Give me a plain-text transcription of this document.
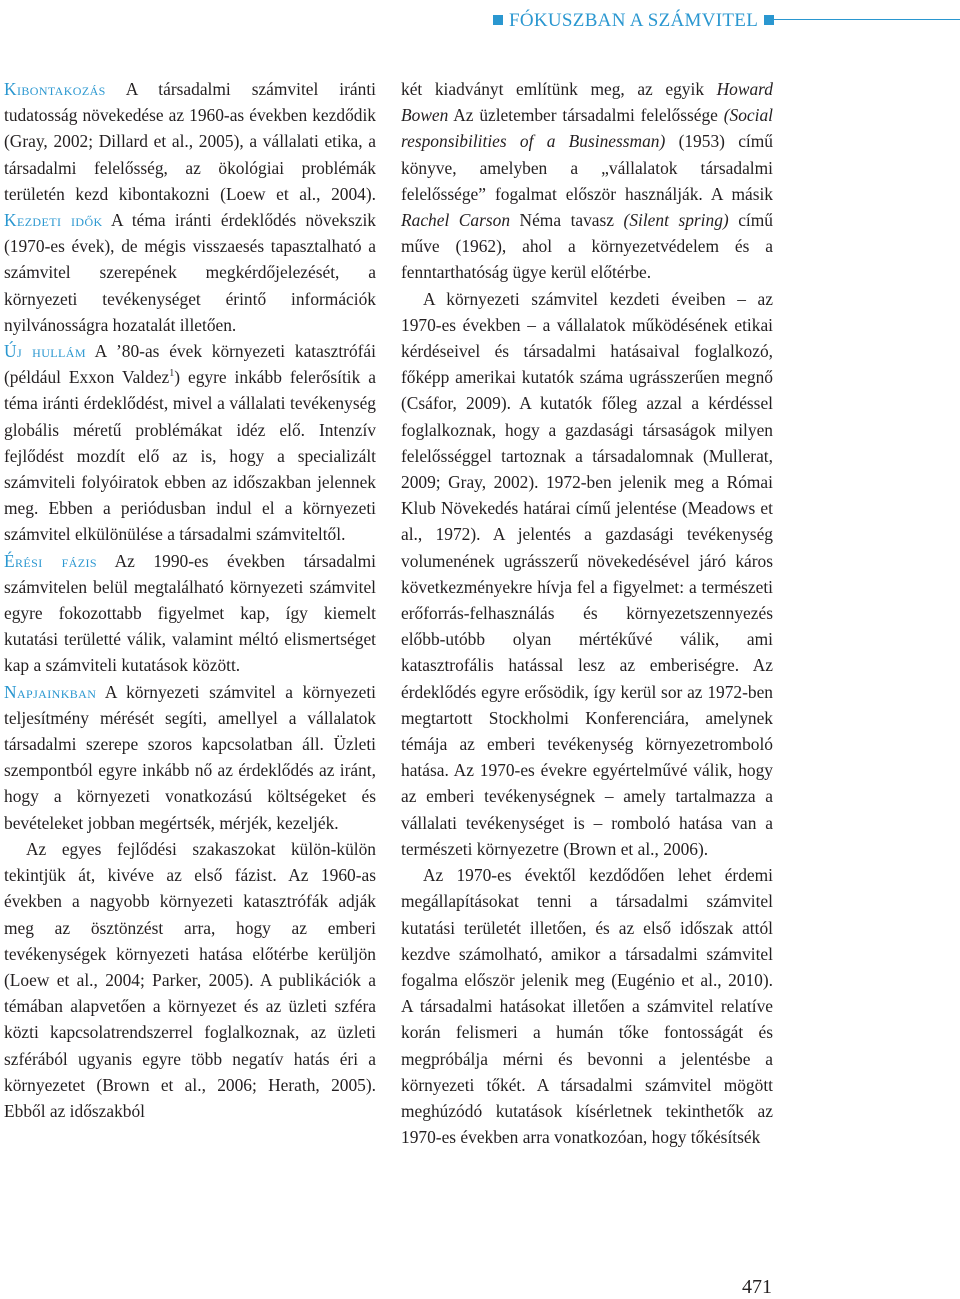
FÓKUSZBAN A SZÁMVITEL

Kibontakozás A társadalmi számvitel iránti tudatosság növekedése az 1960-as években kezdődik (Gray, 2002; Dillard et al., 2005), a vállalati etika, a társadalmi felelősség, az ökológiai problémák területén kezd kibontakozni (Loew et al., 2004). Kezdeti idők A téma iránti érdeklődés növekszik (1970-es évek), de mégis visszaesés tapasztalható a számvitel szerepének megkérdőjelezését, a környezeti tevékenységet érintő információk nyilvánosságra hozatalát illetően.

Új hullám A ’80-as évek környezeti katasztrófái (például Exxon Valdez$^1$) egyre inkább felerősítik a téma iránti érdeklődést, mivel a vállalati tevékenység globális méretű problémákat idéz elő. Intenzív fejlődést mozdít elő az is, hogy a specializált számviteli folyóiratok ebben az időszakban jelennek meg. Ebben a periódusban indul el a környezeti számvitel elkülönülése a társadalmi számviteltől.

Érési fázis Az 1990-es években társadalmi számvitelen belül megtalálható környezeti számvitel egyre fokozottabb figyelmet kap, így kiemelt kutatási területté válik, valamint méltó elismertséget kap a számviteli kutatások között.

Napjainkban A környezeti számvitel a környezeti teljesítmény mérését segíti, amellyel a vállalatok társadalmi szerepe szoros kapcsolatban áll. Üzleti szempontból egyre inkább nő az érdeklődés az iránt, hogy a környezeti vonatkozású költségeket és bevételeket jobban megértsék, mérjék, kezeljék.

Az egyes fejlődési szakaszokat külön-külön tekintjük át, kivéve az első fázist. Az 1960-as években a nagyobb környezeti katasztrófák adják meg az ösztönzést arra, hogy az emberi tevékenységek környezeti hatása előtérbe kerüljön (Loew et al., 2004; Parker, 2005). A publikációk a témában alapvetően a környezet és az üzleti szféra közti kapcsolatrendszerrel foglalkoznak, az üzleti szférából ugyanis egyre több negatív hatás éri a környezetet (Brown et al., 2006; Herath, 2005). Ebből az időszakból

két kiadványt említünk meg, az egyik Howard Bowen Az üzletember társadalmi felelőssége (Social responsibilities of a Businessman) (1953) című könyve, amelyben a „vállalatok társadalmi felelőssége” fogalmat először használják. A másik Rachel Carson Néma tavasz (Silent spring) című műve (1962), ahol a környezetvédelem és a fenntarthatóság ügye kerül előtérbe.

A környezeti számvitel kezdeti éveiben – az 1970-es években – a vállalatok működésének etikai kérdéseivel és társadalmi hatásaival foglalkozó, főképp amerikai kutatók száma ugrásszerűen megnő (Csáfor, 2009). A kutatók főleg azzal a kérdéssel foglalkoznak, hogy a gazdasági társaságok milyen felelősséggel tartoznak a társadalomnak (Mullerat, 2009; Gray, 2002). 1972-ben jelenik meg a Római Klub Növekedés határai című jelentése (Meadows et al., 1972). A jelentés a gazdasági tevékenység volumenének ugrásszerű növekedésével járó káros következményekre hívja fel a figyelmet: a természeti erőforrás-felhasználás és környezetszennyezés előbb-utóbb olyan mértékűvé válik, ami katasztrofális hatással lesz az emberiségre. Az érdeklődés egyre erősödik, így kerül sor az 1972-ben megtartott Stockholmi Konferenciára, amelynek témája az emberi tevékenység környezetromboló hatása. Az 1970-es évekre egyértelművé válik, hogy az emberi tevékenységnek – amely tartalmazza a vállalati tevékenységet is – romboló hatása van a természeti környezetre (Brown et al., 2006).

Az 1970-es évektől kezdődően lehet érdemi megállapításokat tenni a társadalmi számvitel kutatási területét illetően, és az első időszak attól kezdve számolható, amikor a társadalmi számvitel fogalma először jelenik meg (Eugénio et al., 2010). A társadalmi hatásokat illetően a számvitel relatíve korán felismeri a humán tőke fontosságát és megpróbálja mérni és bevonni a jelentésbe a környezeti tőkét. A társadalmi számvitel mögött meghúzódó kutatások kísérletnek tekinthetők az 1970-es években arra vonatkozóan, hogy tőkésítsék

471
